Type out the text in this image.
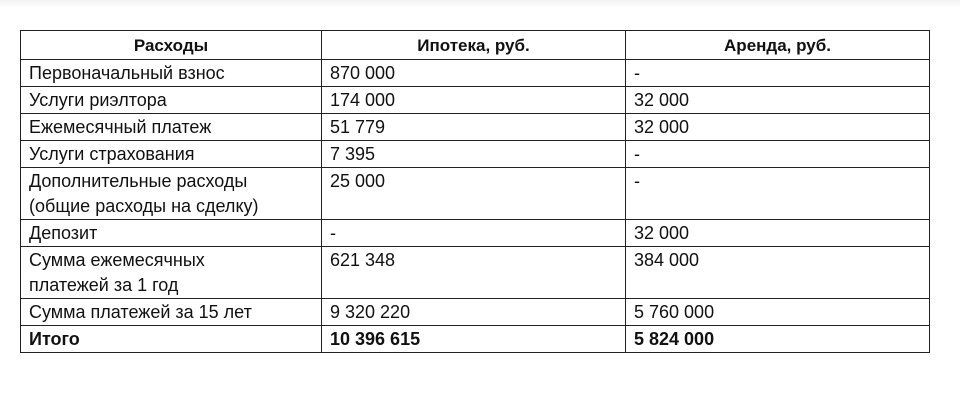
Расходы	Ипотека, руб.	Аренда, руб.
Первоначальный взнос	870 000	-
Услуги риэлтора	174 000	32 000
Ежемесячный платеж	51 779	32 000
Услуги страхования	7 395	-
Дополнительные расходы
(общие расходы на сделку)	25 000	-
Депозит	-	32 000
Сумма ежемесячных
платежей за 1 год	621 348	384 000
Сумма платежей за 15 лет	9 320 220	5 760 000
Итого	10 396 615	5 824 000
